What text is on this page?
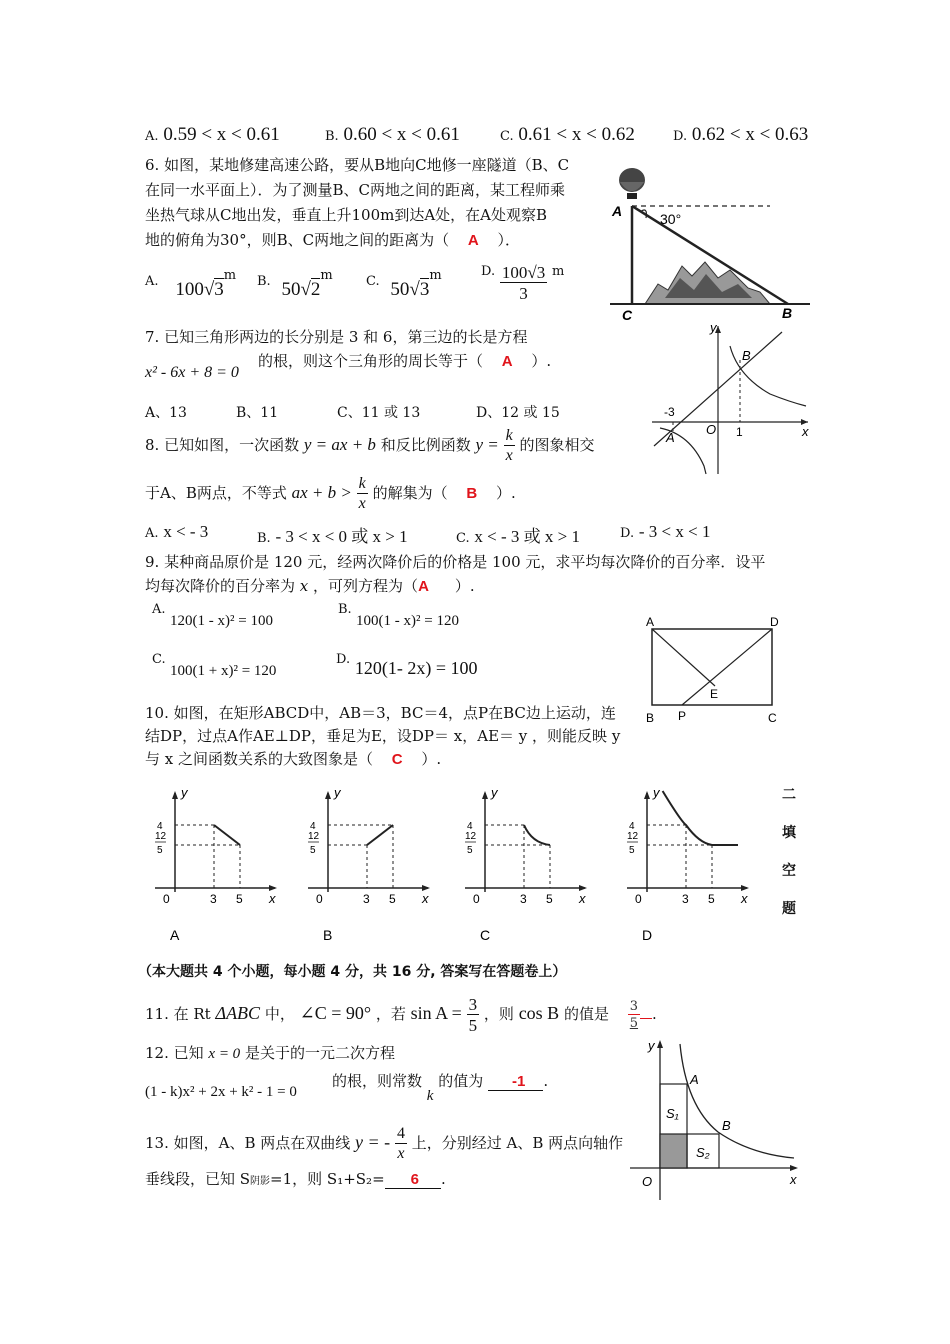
A. 0.59 < x < 0.61	B. 0.60 < x < 0.61	C. 0.61 < x < 0.62	D. 0.62 < x < 0.63
6. 如图，某地修建高速公路，要从B地向C地修一座隧道（B、C
在同一水平面上）．为了测量B、C两地之间的距离，某工程师乘
坐热气球从C地出发，垂直上升100m到达A处，在A处观察B
地的俯角为30°，则B、C两地之间的距离为（ A ）．
A. 100√3$^m$ B. 50√2$^m$	C. 50√3$^m$	D. $\frac{100√3}{3}$ m
30°
A
C	B
7. 已知三角形两边的长分别是 3 和 6，第三边的长是方程
的根，则这个三角形的周长等于（ A ）.
x² - 6x + 8 = 0
A、13	B、11	C、11 或 13	D、12 或 15
y
x
O
B
A
-3
1
8. 已知如图，一次函数 y = ax + b 和反比例函数 $y = \frac{k}{x}$ 的图象相交
于A、B两点，不等式 ax + $b > \frac{k}{x}$ 的解集为（ B ）.
A. x < - 3	B. - 3 < x < 0 或 x > 1	C. x < - 3 或 x > 1	D. - 3 < x < 1
9. 某种商品原价是 120 元，经两次降价后的价格是 100 元，求平均每次降价的百分率．设平
均每次降价的百分率为 x ，可列方程为（A ）.
A.
120(1 - x)² = 100
B.
100(1 - x)² = 120
C.
100(1 + x)² = 120
D. 120(1- 2x) = 100
A	D
B	C
P
E
10. 如图，在矩形ABCD中，AB＝3，BC＝4，点P在BC边上运动，连
结DP，过点A作AE⊥DP，垂足为E，设DP＝ x，AE＝ y ，则能反映 y
与 x 之间函数关系的大致图象是（ C ）.
y
x
0	3 5
4
12
5
A
y
x
0	3 5
4
12
5
B
y
x
0	3 5
4
12
5
C
y
x
0	3 5
4
12
5
D
二
填
空
题
（本大题共 4 个小题，每小题 4 分，共 16 分, 答案写在答题卷上）
11. 在 Rt ΔABC 中， ∠C = 90° ，若 $\sin A = \frac{3}{5}$ ，则 cos B 的值是 $\frac{3}{5}$ .
12. 已知 x = 0 是关于的一元二次方程
(1 - k)x² + 2x + k² - 1 = 0
的根，则常数 k 的值为 -1 .
13. 如图，A、B 两点在双曲线 y = - $\frac{4}{x}$ 上，分别经过 A、B 两点向轴作
垂线段，已知 S阴影=1，则 S₁+S₂= 6 .
y
x
O
A
B
S₁
S₂
